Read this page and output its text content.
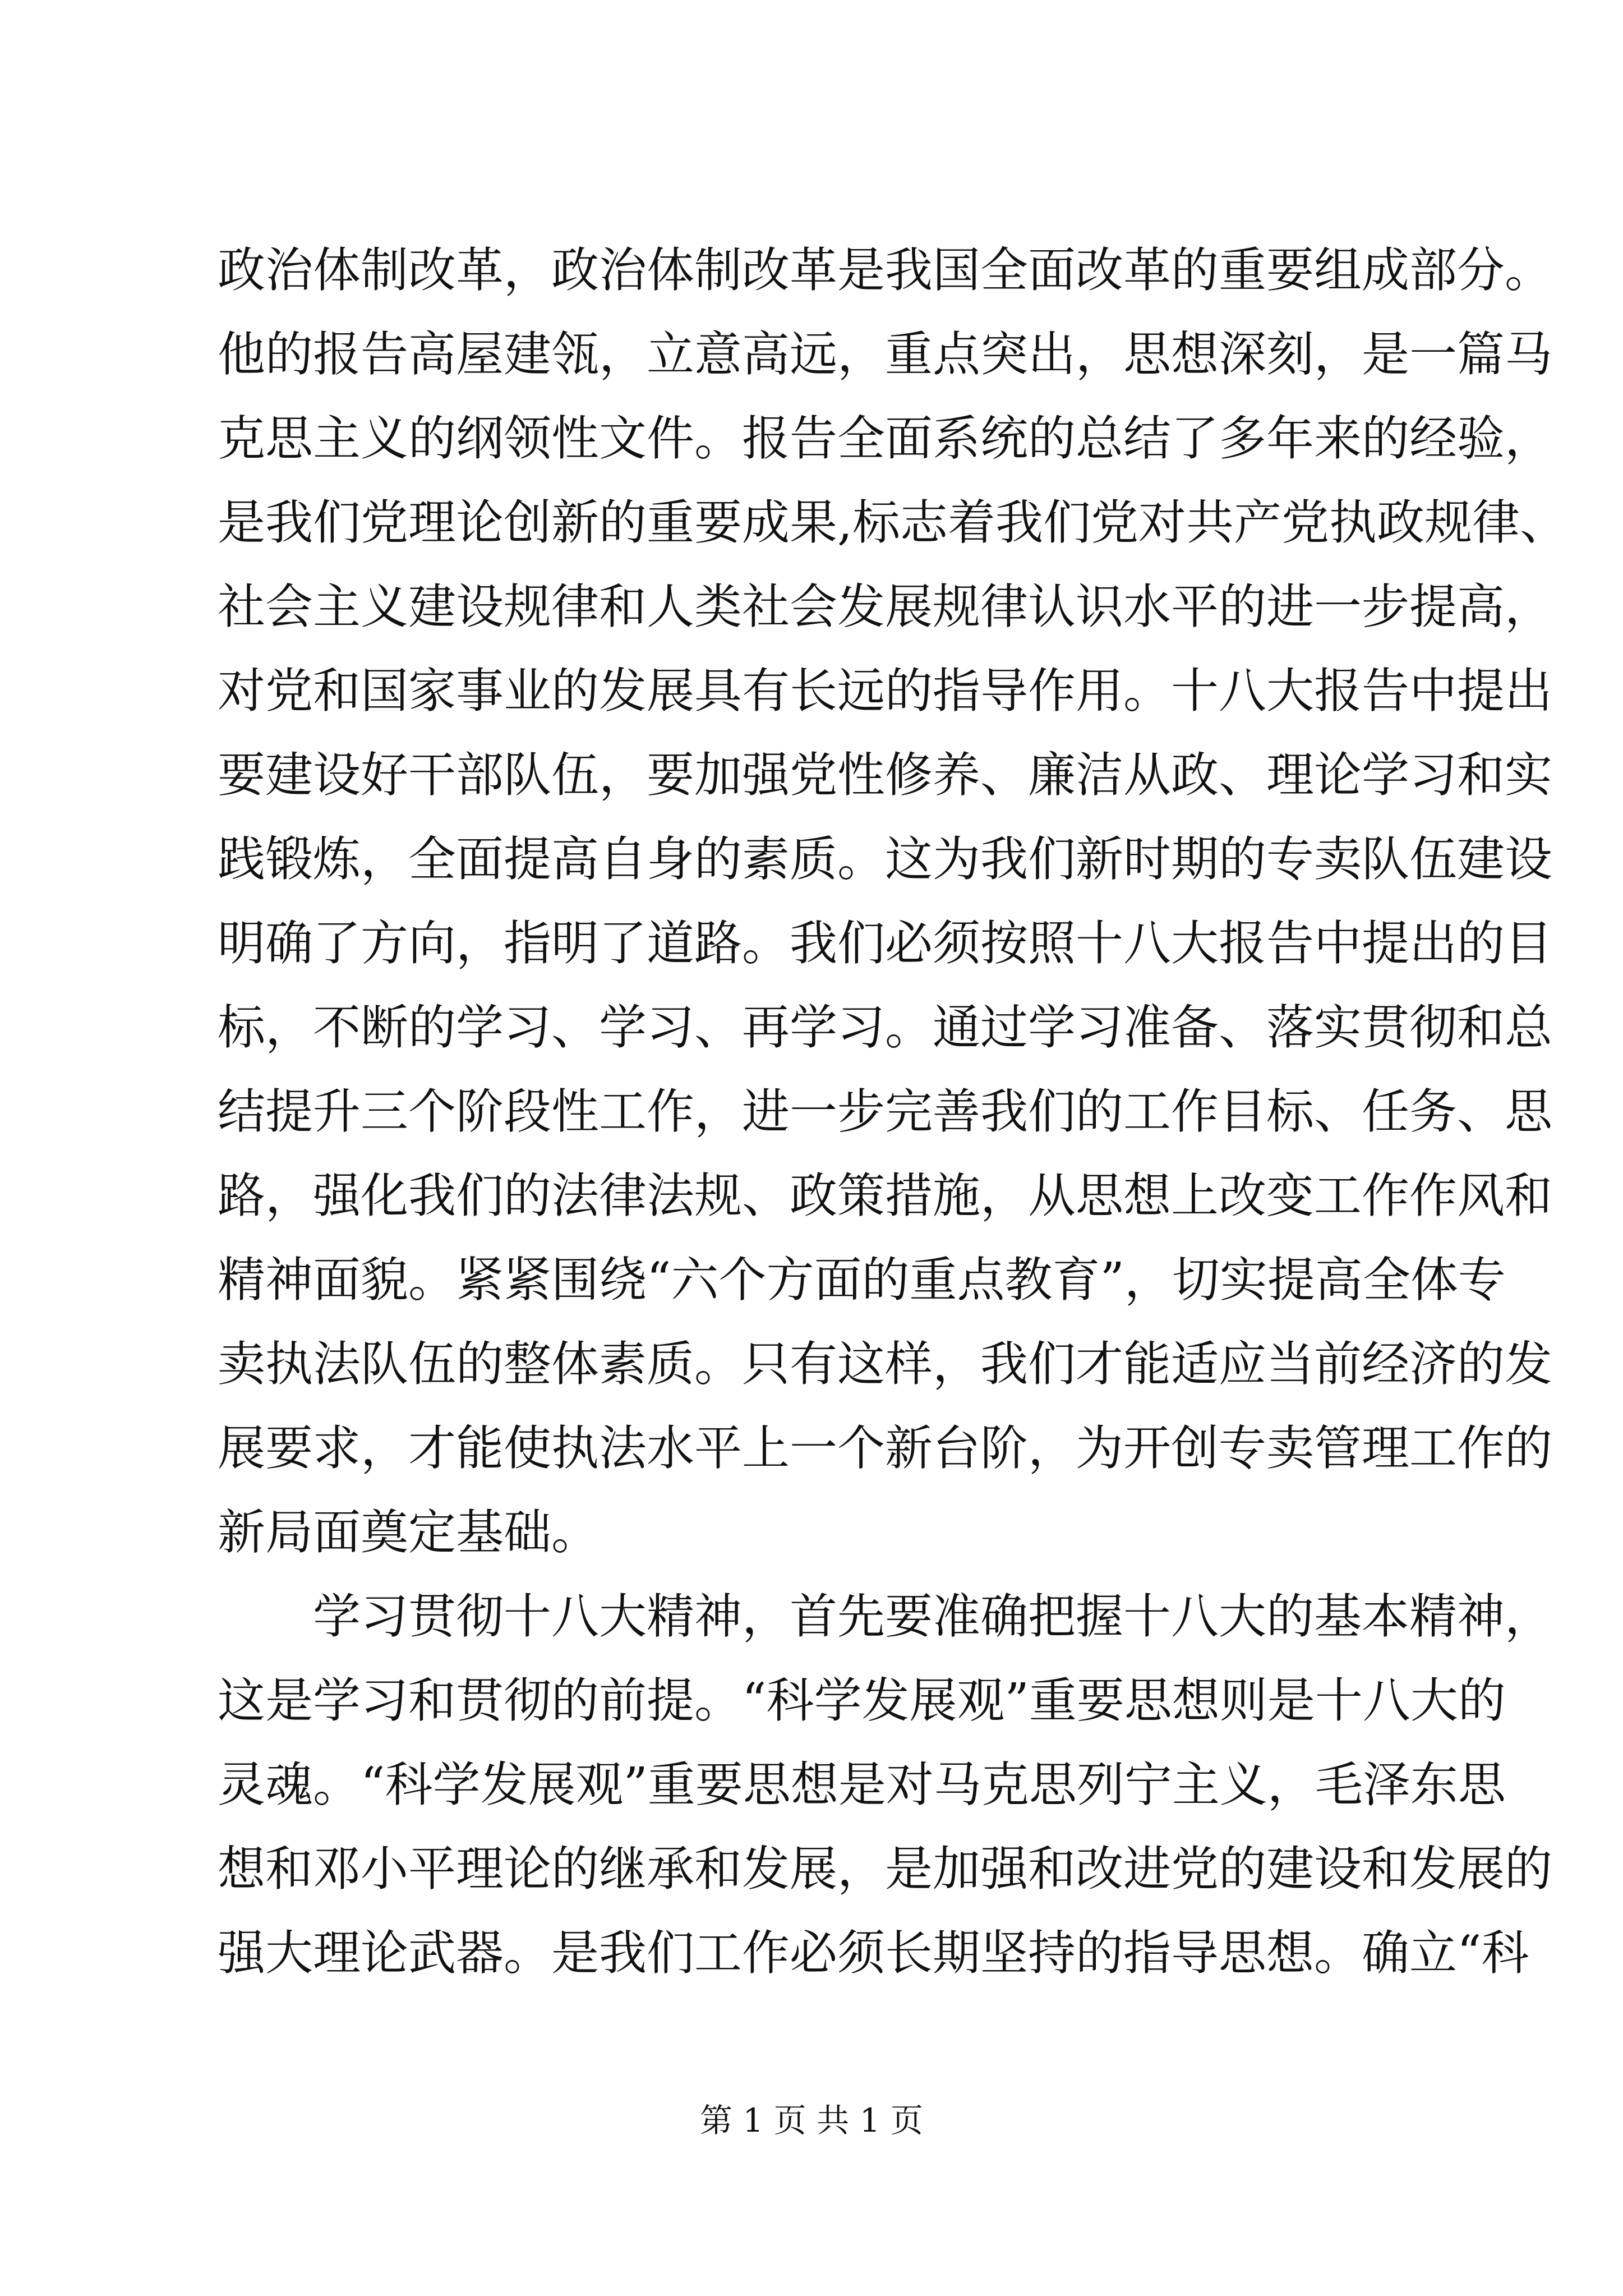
政治体制改革，政治体制改革是我国全面改革的重要组成部分。
他的报告高屋建瓴，立意高远，重点突出，思想深刻，是一篇马
克思主义的纲领性文件。报告全面系统的总结了多年来的经验，
是我们党理论创新的重要成果,标志着我们党对共产党执政规律、
社会主义建设规律和人类社会发展规律认识水平的进一步提高，
对党和国家事业的发展具有长远的指导作用。十八大报告中提出
要建设好干部队伍，要加强党性修养、廉洁从政、理论学习和实
践锻炼，全面提高自身的素质。这为我们新时期的专卖队伍建设
明确了方向，指明了道路。我们必须按照十八大报告中提出的目
标，不断的学习、学习、再学习。通过学习准备、落实贯彻和总
结提升三个阶段性工作，进一步完善我们的工作目标、任务、思
路，强化我们的法律法规、政策措施，从思想上改变工作作风和
精神面貌。紧紧围绕“六个方面的重点教育”，切实提高全体专
卖执法队伍的整体素质。只有这样，我们才能适应当前经济的发
展要求，才能使执法水平上一个新台阶，为开创专卖管理工作的
新局面奠定基础。
学习贯彻十八大精神，首先要准确把握十八大的基本精神，
这是学习和贯彻的前提。“科学发展观”重要思想则是十八大的
灵魂。“科学发展观”重要思想是对马克思列宁主义，毛泽东思
想和邓小平理论的继承和发展，是加强和改进党的建设和发展的
强大理论武器。是我们工作必须长期坚持的指导思想。确立“科
第 1 页 共 1 页
